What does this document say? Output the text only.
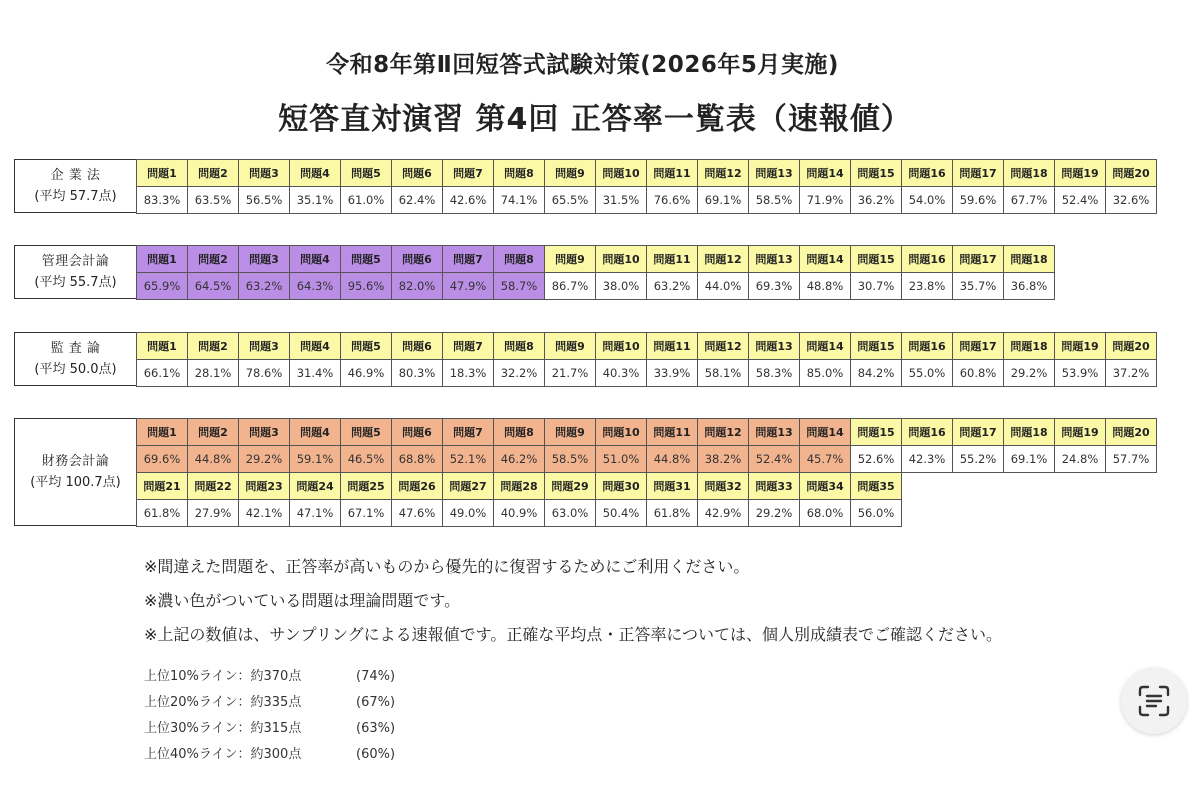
令和8年第Ⅱ回短答式試験対策(2026年5月実施)
短答直対演習 第4回 正答率一覧表（速報値）
企 業 法
(平均 57.7点)
問題1	問題2	問題3	問題4	問題5	問題6	問題7	問題8	問題9	問題10	問題11	問題12	問題13	問題14	問題15	問題16	問題17	問題18	問題19	問題20
83.3%	63.5%	56.5%	35.1%	61.0%	62.4%	42.6%	74.1%	65.5%	31.5%	76.6%	69.1%	58.5%	71.9%	36.2%	54.0%	59.6%	67.7%	52.4%	32.6%
管理会計論
(平均 55.7点)
問題1	問題2	問題3	問題4	問題5	問題6	問題7	問題8	問題9	問題10	問題11	問題12	問題13	問題14	問題15	問題16	問題17	問題18
65.9%	64.5%	63.2%	64.3%	95.6%	82.0%	47.9%	58.7%	86.7%	38.0%	63.2%	44.0%	69.3%	48.8%	30.7%	23.8%	35.7%	36.8%
監 査 論
(平均 50.0点)
問題1	問題2	問題3	問題4	問題5	問題6	問題7	問題8	問題9	問題10	問題11	問題12	問題13	問題14	問題15	問題16	問題17	問題18	問題19	問題20
66.1%	28.1%	78.6%	31.4%	46.9%	80.3%	18.3%	32.2%	21.7%	40.3%	33.9%	58.1%	58.3%	85.0%	84.2%	55.0%	60.8%	29.2%	53.9%	37.2%
財務会計論
(平均 100.7点)
問題1	問題2	問題3	問題4	問題5	問題6	問題7	問題8	問題9	問題10	問題11	問題12	問題13	問題14	問題15	問題16	問題17	問題18	問題19	問題20
69.6%	44.8%	29.2%	59.1%	46.5%	68.8%	52.1%	46.2%	58.5%	51.0%	44.8%	38.2%	52.4%	45.7%	52.6%	42.3%	55.2%	69.1%	24.8%	57.7%
問題21	問題22	問題23	問題24	問題25	問題26	問題27	問題28	問題29	問題30	問題31	問題32	問題33	問題34	問題35
61.8%	27.9%	42.1%	47.1%	67.1%	47.6%	49.0%	40.9%	63.0%	50.4%	61.8%	42.9%	29.2%	68.0%	56.0%
※間違えた問題を、正答率が高いものから優先的に復習するためにご利用ください。
※濃い色がついている問題は理論問題です。
※上記の数値は、サンプリングによる速報値です。正確な平均点・正答率については、個人別成績表でご確認ください。
上位10%ライン：約370点	(74%)
上位20%ライン：約335点	(67%)
上位30%ライン：約315点	(63%)
上位40%ライン：約300点	(60%)
